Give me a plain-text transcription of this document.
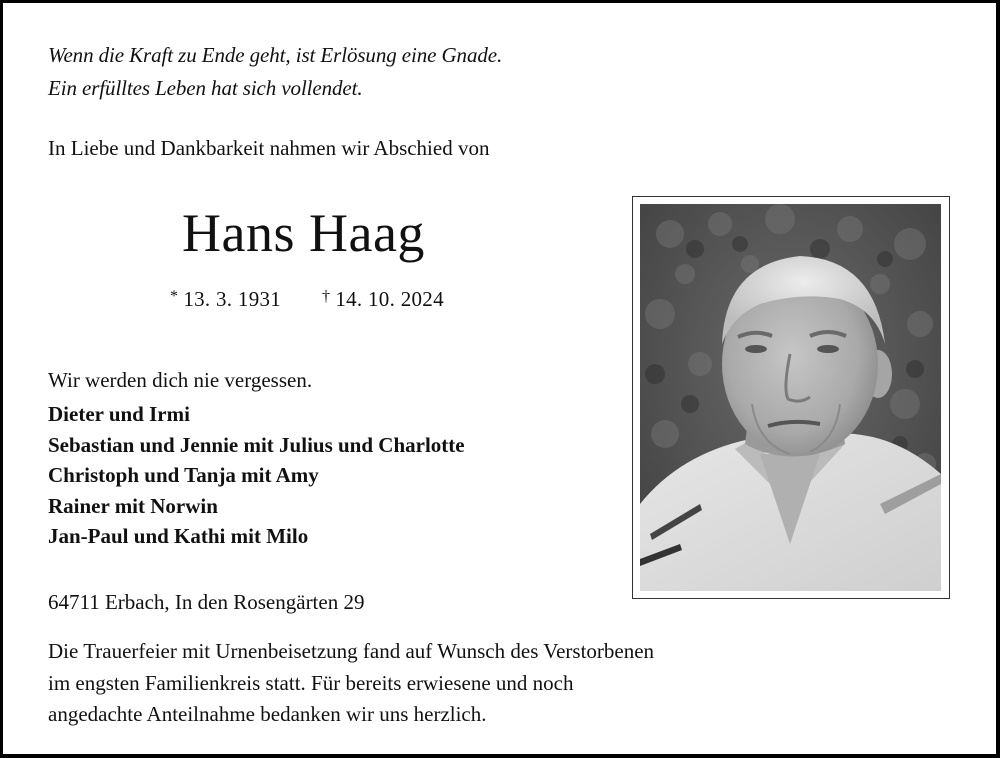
Wenn die Kraft zu Ende geht, ist Erlösung eine Gnade.
Ein erfülltes Leben hat sich vollendet.
In Liebe und Dankbarkeit nahmen wir Abschied von
Hans Haag
* 13. 3. 1931	† 14. 10. 2024
Wir werden dich nie vergessen.
Dieter und Irmi
Sebastian und Jennie mit Julius und Charlotte
Christoph und Tanja mit Amy
Rainer mit Norwin
Jan-Paul und Kathi mit Milo
64711 Erbach, In den Rosengärten 29
Die Trauerfeier mit Urnenbeisetzung fand auf Wunsch des Verstorbenen
im engsten Familienkreis statt. Für bereits erwiesene und noch
angedachte Anteilnahme bedanken wir uns herzlich.
